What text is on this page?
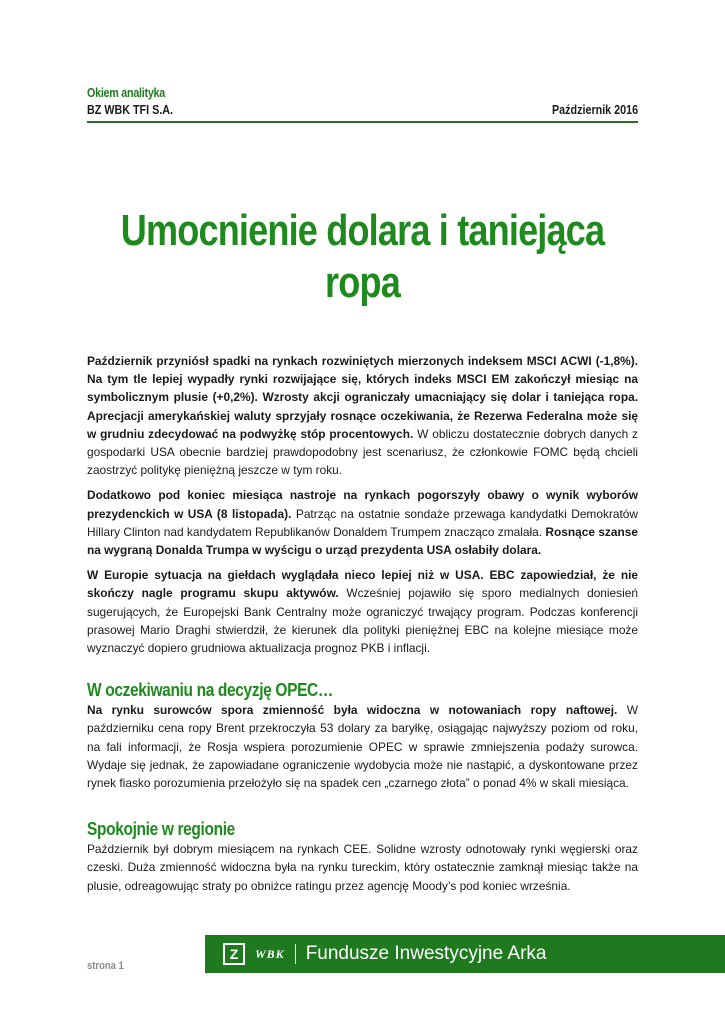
Okiem analityka
BZ WBK TFI S.A.	Październik 2016
Umocnienie dolara i taniejąca ropa

Październik przyniósł spadki na rynkach rozwiniętych mierzonych indeksem MSCI ACWI (-1,8%). Na tym tle lepiej wypadły rynki rozwijające się, których indeks MSCI EM zakończył miesiąc na symbolicznym plusie (+0,2%). Wzrosty akcji ograniczały umacniający się dolar i taniejąca ropa. Aprecjacji amerykańskiej waluty sprzyjały rosnące oczekiwania, że Rezerwa Federalna może się w grudniu zdecydować na podwyżkę stóp procentowych. W obliczu dostatecznie dobrych danych z gospodarki USA obecnie bardziej prawdopodobny jest scenariusz, że członkowie FOMC będą chcieli zaostrzyć politykę pieniężną jeszcze w tym roku.

Dodatkowo pod koniec miesiąca nastroje na rynkach pogorszyły obawy o wynik wyborów prezydenckich w USA (8 listopada). Patrząc na ostatnie sondaże przewaga kandydatki Demokratów Hillary Clinton nad kandydatem Republikanów Donaldem Trumpem znacząco zmalała. Rosnące szanse na wygraną Donalda Trumpa w wyścigu o urząd prezydenta USA osłabiły dolara.

W Europie sytuacja na giełdach wyglądała nieco lepiej niż w USA. EBC zapowiedział, że nie skończy nagle programu skupu aktywów. Wcześniej pojawiło się sporo medialnych doniesień sugerujących, że Europejski Bank Centralny może ograniczyć trwający program. Podczas konferencji prasowej Mario Draghi stwierdził, że kierunek dla polityki pieniężnej EBC na kolejne miesiące może wyznaczyć dopiero grudniowa aktualizacja prognoz PKB i inflacji.

W oczekiwaniu na decyzję OPEC…

Na rynku surowców spora zmienność była widoczna w notowaniach ropy naftowej. W październiku cena ropy Brent przekroczyła 53 dolary za baryłkę, osiągając najwyższy poziom od roku, na fali informacji, że Rosja wspiera porozumienie OPEC w sprawie zmniejszenia podaży surowca. Wydaje się jednak, że zapowiadane ograniczenie wydobycia może nie nastąpić, a dyskontowane przez rynek fiasko porozumienia przełożyło się na spadek cen „czarnego złota” o ponad 4% w skali miesiąca.

Spokojnie w regionie

Październik był dobrym miesiącem na rynkach CEE. Solidne wzrosty odnotowały rynki węgierski oraz czeski. Duża zmienność widoczna była na rynku tureckim, który ostatecznie zamknął miesiąc także na plusie, odreagowując straty po obniżce ratingu przez agencję Moody’s pod koniec września.

strona 1
Z	WBK Fundusze Inwestycyjne Arka
